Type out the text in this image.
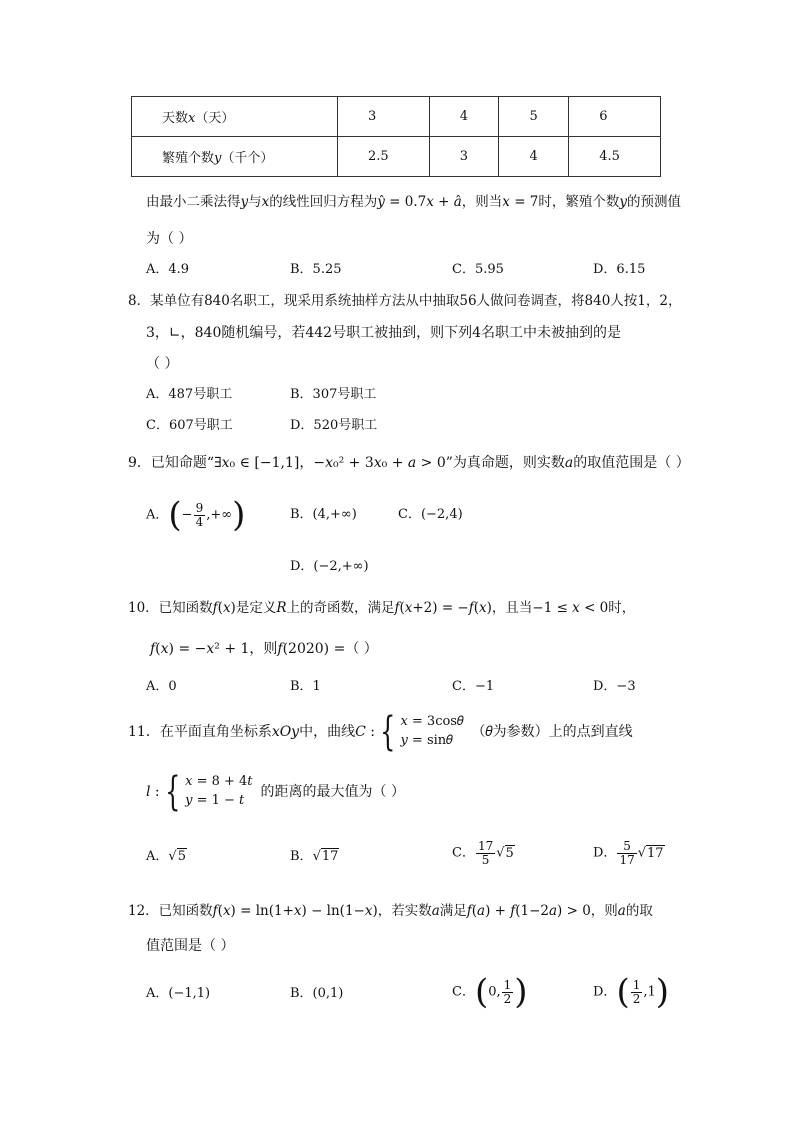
天数𝑥（天）	3	4	5	6
繁殖个数𝑦（千个）	2.5	3	4	4.5
由最小二乘法得𝑦与𝑥的线性回归方程为𝑦̂ = 0.7𝑥 + 𝑎̂，则当𝑥 = 7时，繁殖个数𝑦的预测值
为（ ）
A．4.9	B．5.25	C．5.95	D．6.15
8．某单位有840名职工，现采用系统抽样方法从中抽取56人做问卷调查，将840人按1，2，
3，∟，840随机编号，若442号职工被抽到，则下列4名职工中未被抽到的是
（ ）
A．487号职工	B．307号职工
C．607号职工	D．520号职工
9．已知命题“∃𝑥₀ ∈ [−1,1]，−𝑥₀² + 3𝑥₀ + 𝑎 > 0”为真命题，则实数𝑎的取值范围是（ ）
A．(− $\frac{9}{4}$ ,+∞)	B．(4,+∞)	C．(−2,4)
D．(−2,+∞)
10．已知函数𝑓(𝑥)是定义𝑅上的奇函数，满足𝑓(𝑥+2) = −𝑓(𝑥)，且当−1 ≤ 𝑥 < 0时，
𝑓(𝑥) = −𝑥² + 1，则𝑓(2020) =（ ）
A．0	B．1	C．−1	D．−3
11．在平面直角坐标系𝑥𝑂𝑦中，曲线𝐶 : { 𝑥 = 3cos𝜃
𝑦 = sin𝜃
（𝜃为参数）上的点到直线
𝑙 : { 𝑥 = 8 + 4𝑡
𝑦 = 1 − 𝑡
的距离的最大值为（ ）
A．√5	B．√17	C． $\frac{17}{5} √5$	D． $\frac{5}{17} √17$
12．已知函数𝑓(𝑥) = ln(1+𝑥) − ln(1−𝑥)，若实数𝑎满足𝑓(𝑎) + 𝑓(1−2𝑎) > 0，则𝑎的取
值范围是（ ）
A．(−1,1)	B．(0,1)	C．(0, $\frac{1}{2}$ )	D．( $\frac{1}{2} ,1$)
